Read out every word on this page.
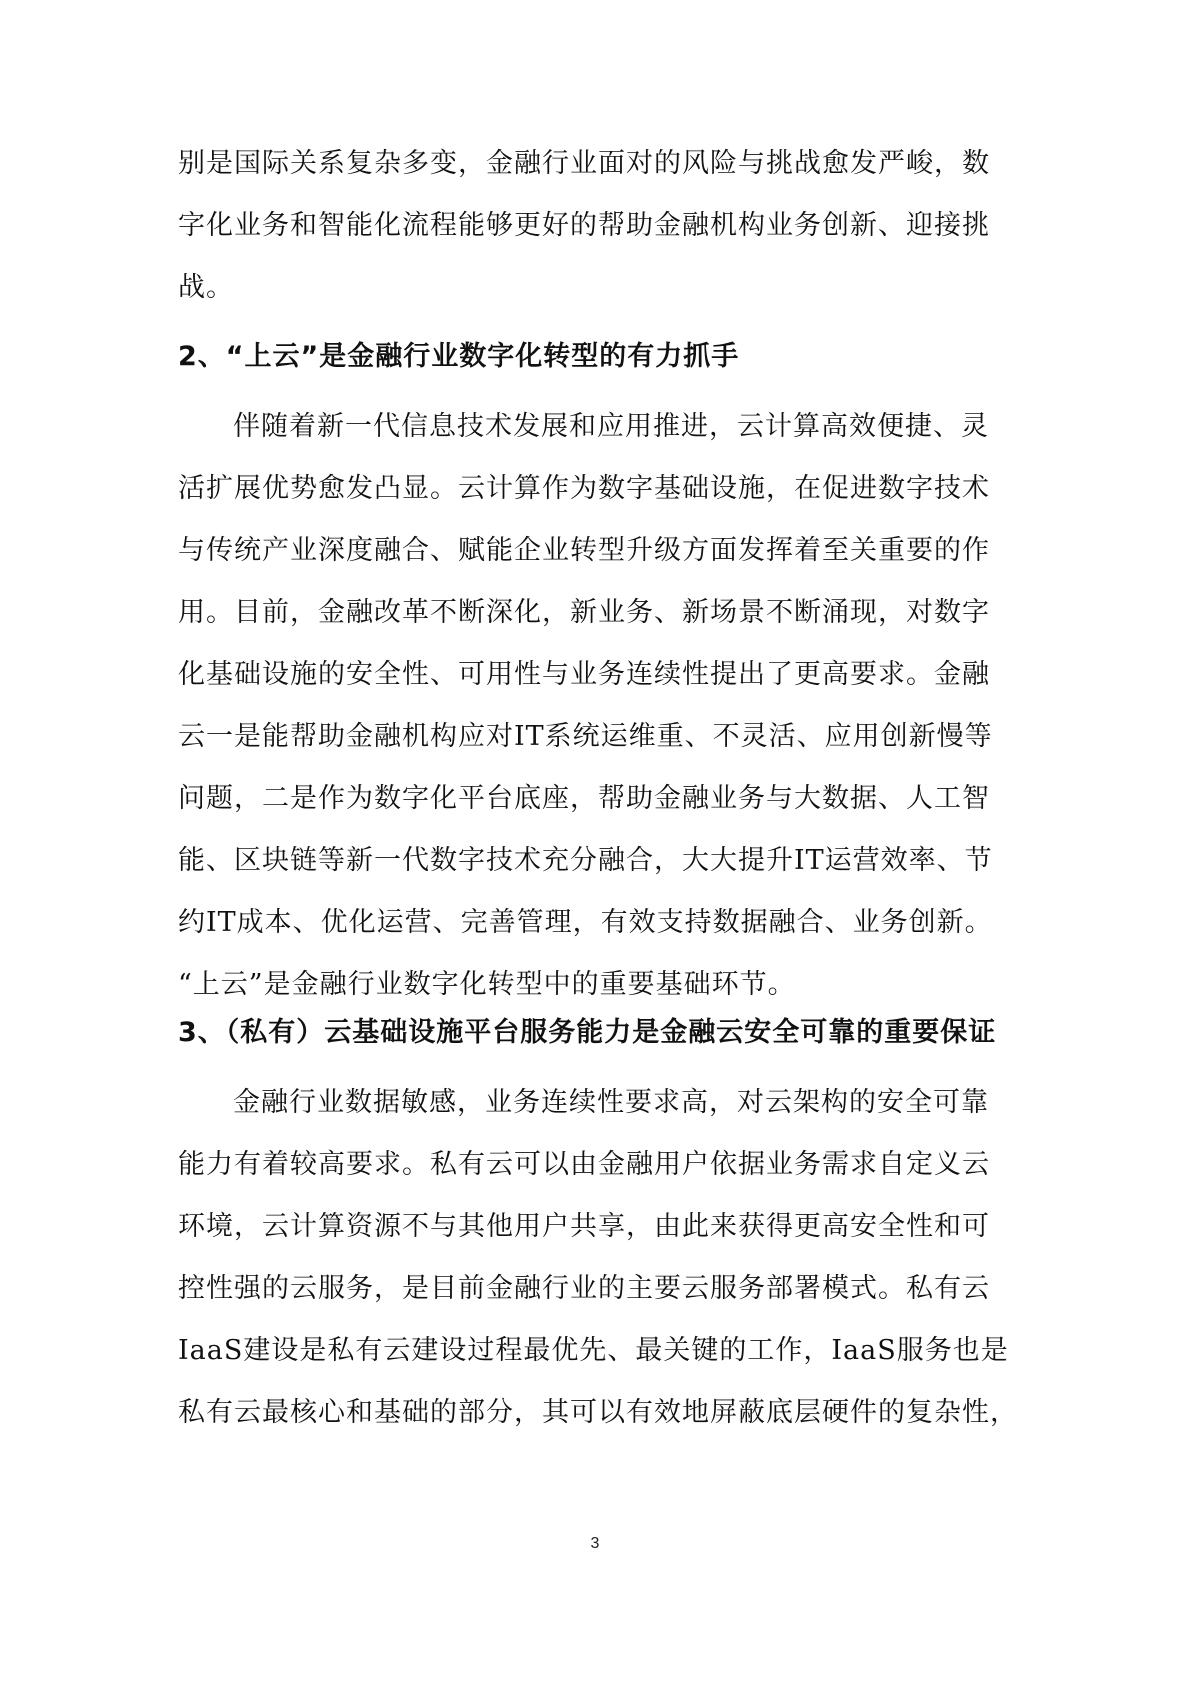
别是国际关系复杂多变，金融行业面对的风险与挑战愈发严峻，数
字化业务和智能化流程能够更好的帮助金融机构业务创新、迎接挑
战。
2、“上云”是金融行业数字化转型的有力抓手
伴随着新一代信息技术发展和应用推进，云计算高效便捷、灵
活扩展优势愈发凸显。云计算作为数字基础设施，在促进数字技术
与传统产业深度融合、赋能企业转型升级方面发挥着至关重要的作
用。目前，金融改革不断深化，新业务、新场景不断涌现，对数字
化基础设施的安全性、可用性与业务连续性提出了更高要求。金融
云一是能帮助金融机构应对IT系统运维重、不灵活、应用创新慢等
问题，二是作为数字化平台底座，帮助金融业务与大数据、人工智
能、区块链等新一代数字技术充分融合，大大提升IT运营效率、节
约IT成本、优化运营、完善管理，有效支持数据融合、业务创新。
“上云”是金融行业数字化转型中的重要基础环节。
3、（私有）云基础设施平台服务能力是金融云安全可靠的重要保证
金融行业数据敏感，业务连续性要求高，对云架构的安全可靠
能力有着较高要求。私有云可以由金融用户依据业务需求自定义云
环境，云计算资源不与其他用户共享，由此来获得更高安全性和可
控性强的云服务，是目前金融行业的主要云服务部署模式。私有云
IaaS建设是私有云建设过程最优先、最关键的工作，IaaS服务也是
私有云最核心和基础的部分，其可以有效地屏蔽底层硬件的复杂性，
3
